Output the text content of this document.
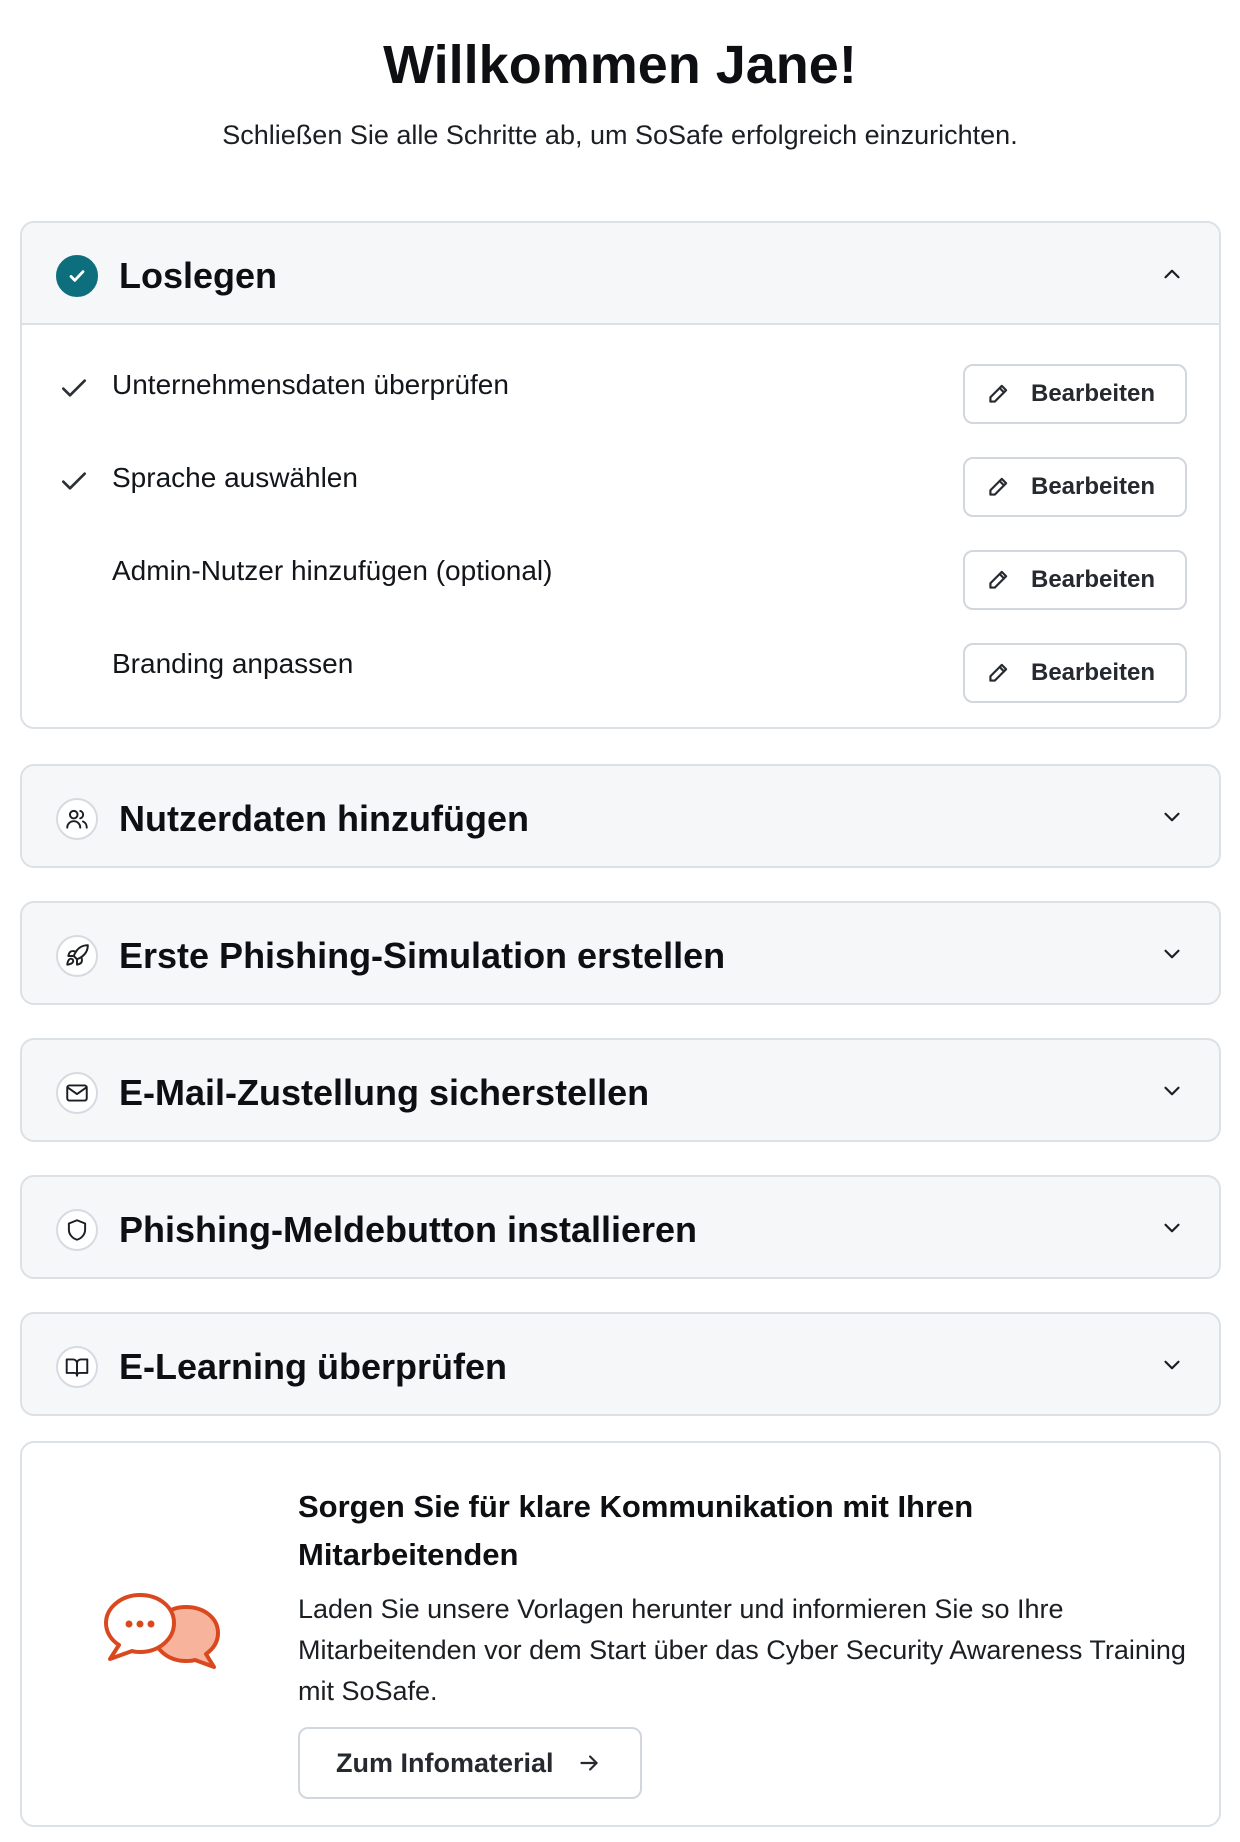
Willkommen Jane!
Schließen Sie alle Schritte ab, um SoSafe erfolgreich einzurichten.
Loslegen
Unternehmensdaten überprüfen	Bearbeiten
Sprache auswählen	Bearbeiten
Admin-Nutzer hinzufügen (optional)	Bearbeiten
Branding anpassen	Bearbeiten
Nutzerdaten hinzufügen
Erste Phishing-Simulation erstellen
E-Mail-Zustellung sicherstellen
Phishing-Meldebutton installieren
E-Learning überprüfen
Sorgen Sie für klare Kommunikation mit Ihren Mitarbeitenden
Laden Sie unsere Vorlagen herunter und informieren Sie so Ihre Mitarbeitenden vor dem Start über das Cyber Security Awareness Training mit SoSafe.
Zum Infomaterial
